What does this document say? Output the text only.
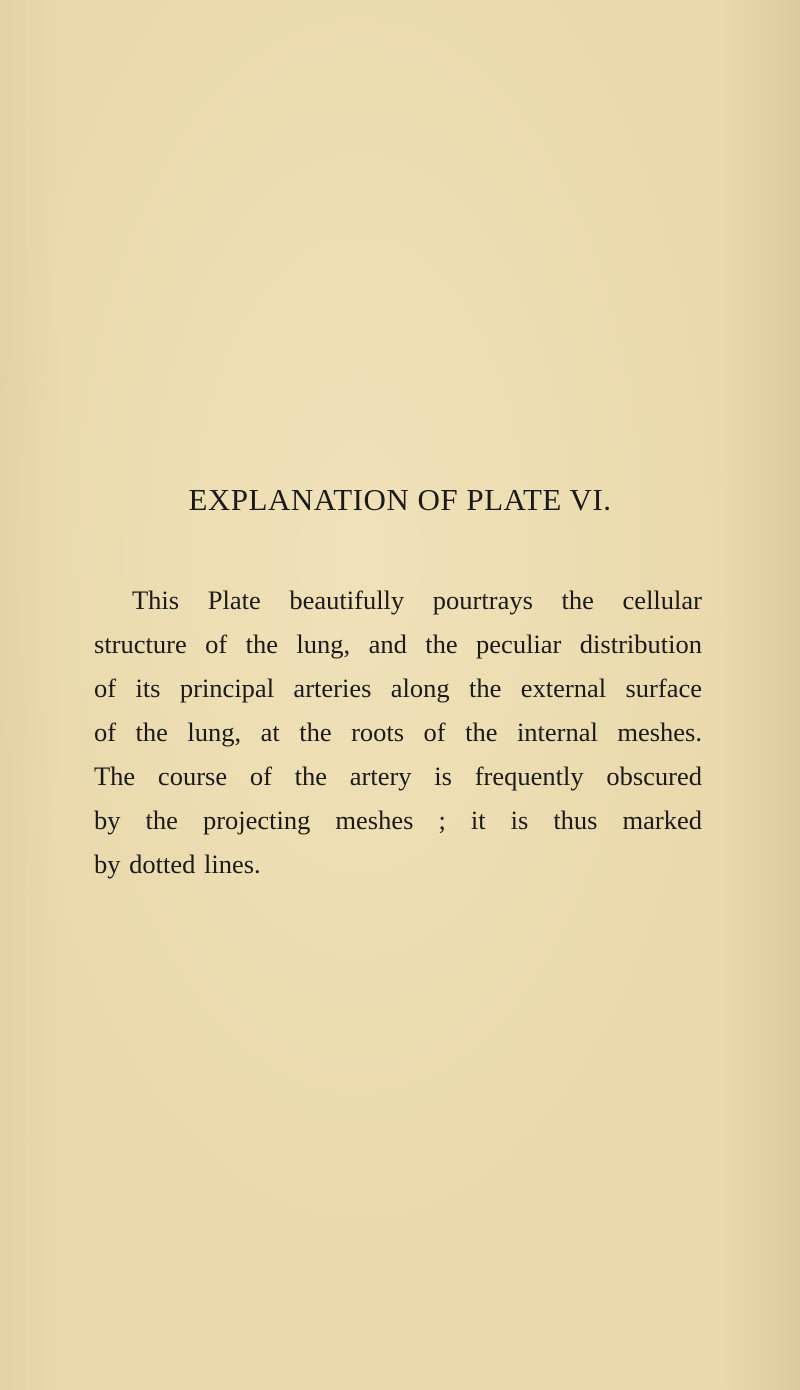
EXPLANATION OF PLATE VI.

This Plate beautifully pourtrays the cellular
structure of the lung, and the peculiar distribution
of its principal arteries along the external surface
of the lung, at the roots of the internal meshes.
The course of the artery is frequently obscured
by the projecting meshes ; it is thus marked
by dotted lines.
